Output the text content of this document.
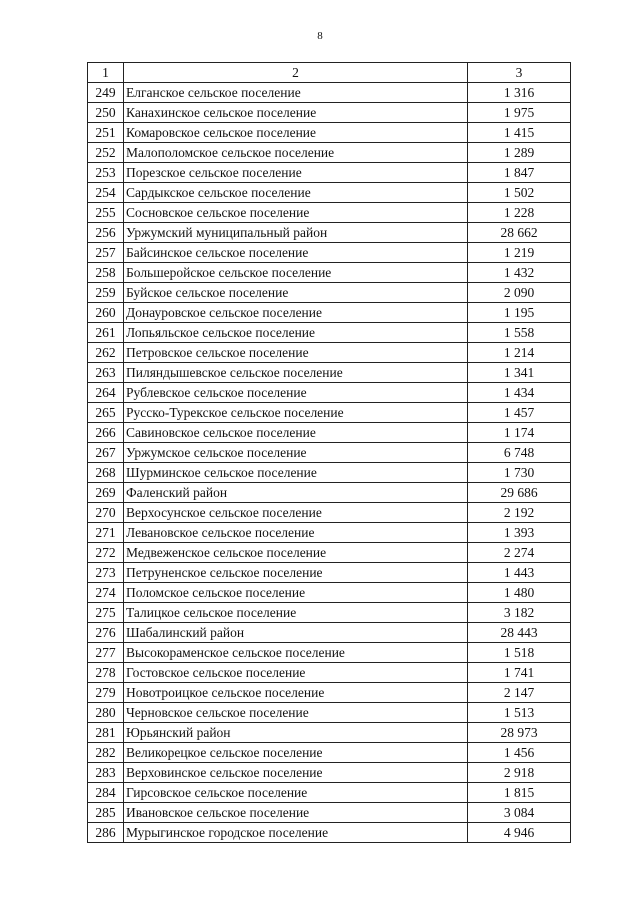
8
1	2	3
249	Елганское сельское поселение	1 316
250	Канахинское сельское поселение	1 975
251	Комаровское сельское поселение	1 415
252	Малополомское сельское поселение	1 289
253	Порезское сельское поселение	1 847
254	Сардыкское сельское поселение	1 502
255	Сосновское сельское поселение	1 228
256	Уржумский муниципальный район	28 662
257	Байсинское сельское поселение	1 219
258	Большеройское сельское поселение	1 432
259	Буйское сельское поселение	2 090
260	Донауровское сельское поселение	1 195
261	Лопьяльское сельское поселение	1 558
262	Петровское сельское поселение	1 214
263	Пиляндышевское сельское поселение	1 341
264	Рублевское сельское поселение	1 434
265	Русско-Турекское сельское поселение	1 457
266	Савиновское сельское поселение	1 174
267	Уржумское сельское поселение	6 748
268	Шурминское сельское поселение	1 730
269	Фаленский район	29 686
270	Верхосунское сельское поселение	2 192
271	Левановское сельское поселение	1 393
272	Медвеженское сельское поселение	2 274
273	Петруненское сельское поселение	1 443
274	Поломское сельское поселение	1 480
275	Талицкое сельское поселение	3 182
276	Шабалинский район	28 443
277	Высокораменское сельское поселение	1 518
278	Гостовское сельское поселение	1 741
279	Новотроицкое сельское поселение	2 147
280	Черновское сельское поселение	1 513
281	Юрьянский район	28 973
282	Великорецкое сельское поселение	1 456
283	Верховинское сельское поселение	2 918
284	Гирсовское сельское поселение	1 815
285	Ивановское сельское поселение	3 084
286	Мурыгинское городское поселение	4 946
